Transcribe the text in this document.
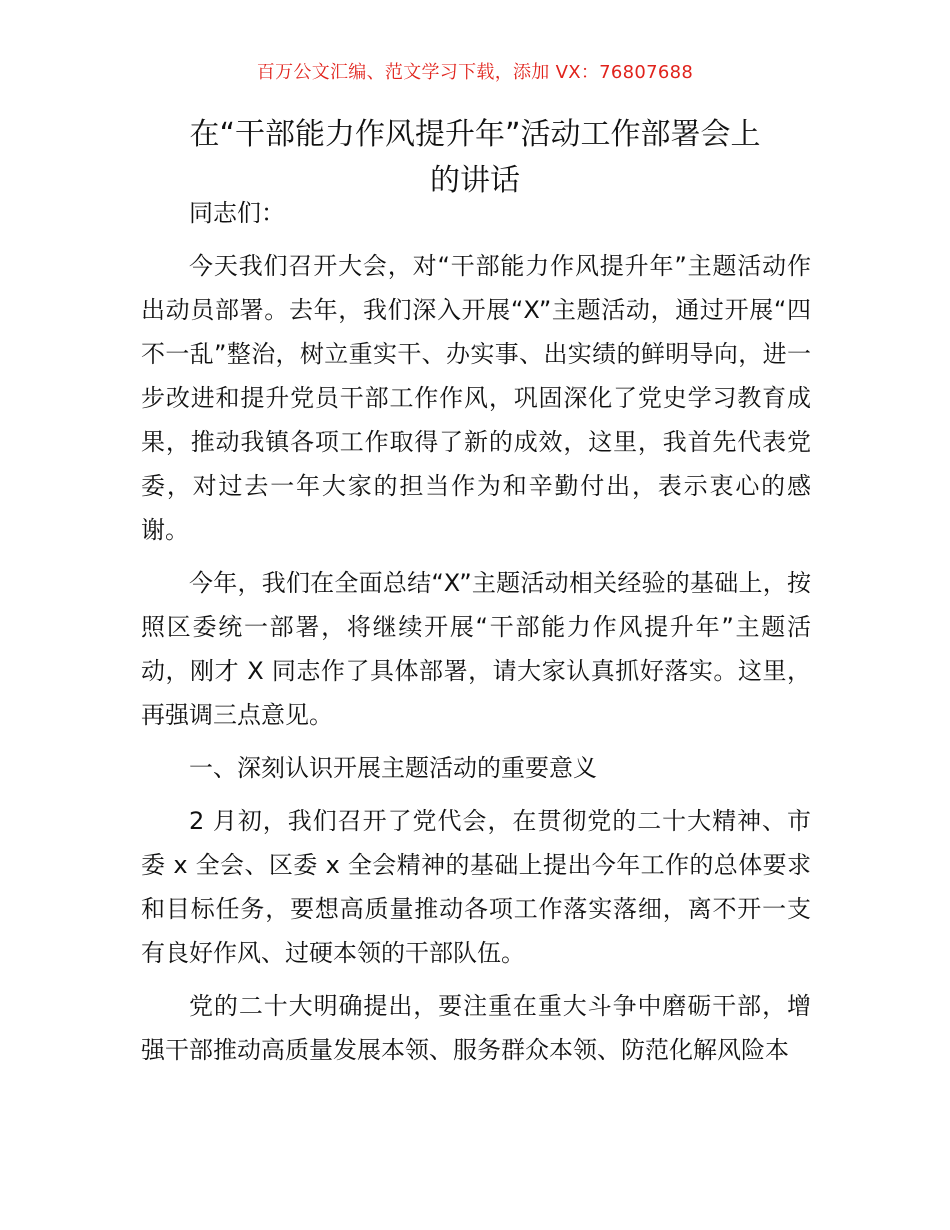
百万公文汇编、范文学习下载，添加 VX：76807688
在“干部能力作风提升年”活动工作部署会上
的讲话

同志们：

今天我们召开大会，对“干部能力作风提升年”主题活动作出动员部署。去年，我们深入开展“X”主题活动，通过开展“四不一乱”整治，树立重实干、办实事、出实绩的鲜明导向，进一步改进和提升党员干部工作作风，巩固深化了党史学习教育成果，推动我镇各项工作取得了新的成效，这里，我首先代表党委，对过去一年大家的担当作为和辛勤付出，表示衷心的感谢。

今年，我们在全面总结“X”主题活动相关经验的基础上，按照区委统一部署，将继续开展“干部能力作风提升年”主题活动，刚才 X 同志作了具体部署，请大家认真抓好落实。这里，再强调三点意见。

一、深刻认识开展主题活动的重要意义

2 月初，我们召开了党代会，在贯彻党的二十大精神、市委 x 全会、区委 x 全会精神的基础上提出今年工作的总体要求和目标任务，要想高质量推动各项工作落实落细，离不开一支有良好作风、过硬本领的干部队伍。

党的二十大明确提出，要注重在重大斗争中磨砺干部，增强干部推动高质量发展本领、服务群众本领、防范化解风险本
